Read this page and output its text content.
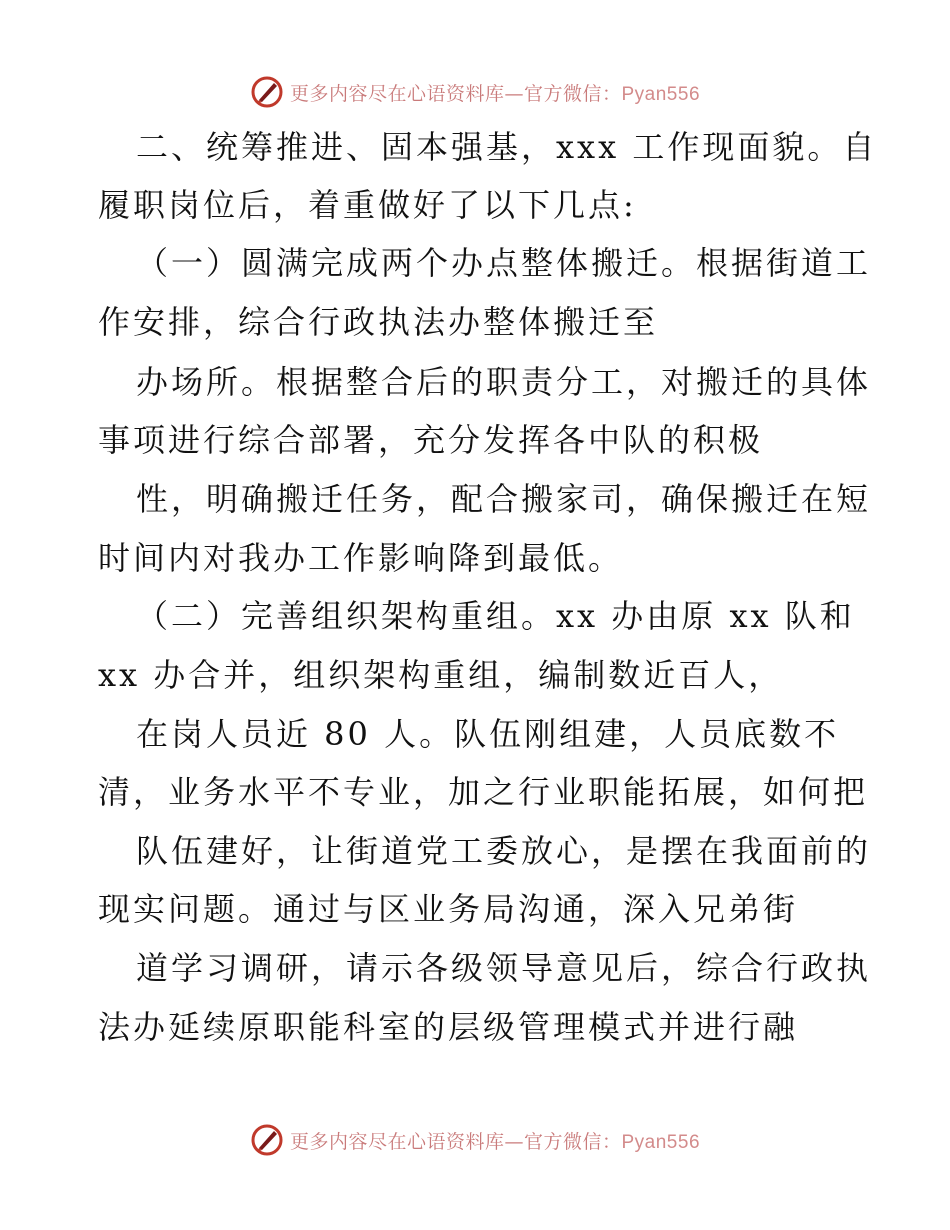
更多内容尽在心语资料库—官方微信：Pyan556
二、统筹推进、固本强基，xxx 工作现面貌。自
履职岗位后，着重做好了以下几点:
（一）圆满完成两个办点整体搬迁。根据街道工
作安排，综合行政执法办整体搬迁至
办场所。根据整合后的职责分工，对搬迁的具体
事项进行综合部署，充分发挥各中队的积极
性，明确搬迁任务，配合搬家司，确保搬迁在短
时间内对我办工作影响降到最低。
（二）完善组织架构重组。xx 办由原 xx 队和
xx 办合并，组织架构重组，编制数近百人，
在岗人员近 80 人。队伍刚组建，人员底数不
清，业务水平不专业，加之行业职能拓展，如何把
队伍建好，让街道党工委放心，是摆在我面前的
现实问题。通过与区业务局沟通，深入兄弟街
道学习调研，请示各级领导意见后，综合行政执
法办延续原职能科室的层级管理模式并进行融
更多内容尽在心语资料库—官方微信：Pyan556
